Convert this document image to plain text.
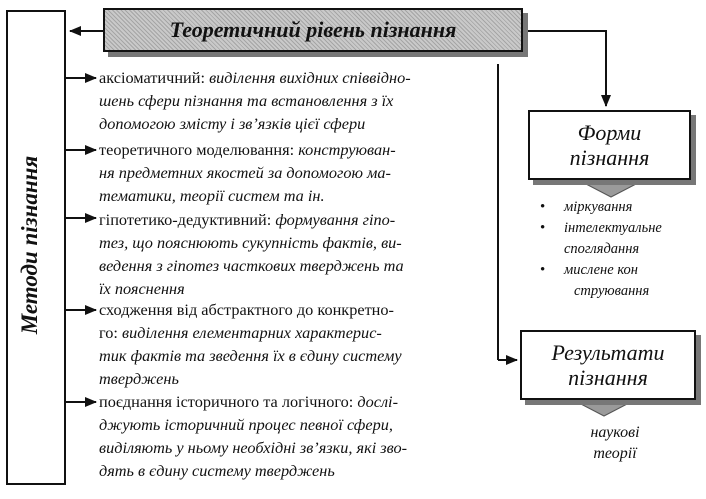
Теоретичний рівень пізнання
Методи пізнання
аксіоматичний: виділення вихідних співвідно-
шень сфери пізнання та встановлення з їх
допомогою змісту і зв’язків цієї сфери
теоретичного моделювання: конструюван-
ня предметних якостей за допомогою ма-
тематики, теорії систем та ін.
гіпотетико-дедуктивний: формування гіпо-
тез, що пояснюють сукупність фактів, ви-
ведення з гіпотез часткових тверджень та
їх пояснення
сходження від абстрактного до конкретно-
го: виділення елементарних характерис-
тик фактів та зведення їх в єдину систему
тверджень
поєднання історичного та логічного: дослі-
джують історичний процес певної сфери,
виділяють у ньому необхідні зв’язки, які зво-
дять в єдину систему тверджень
Форми
пізнання
• міркування
• інтелектуальне
споглядання
• мислене кон
струювання
Результати
пізнання
наукові
теорії
